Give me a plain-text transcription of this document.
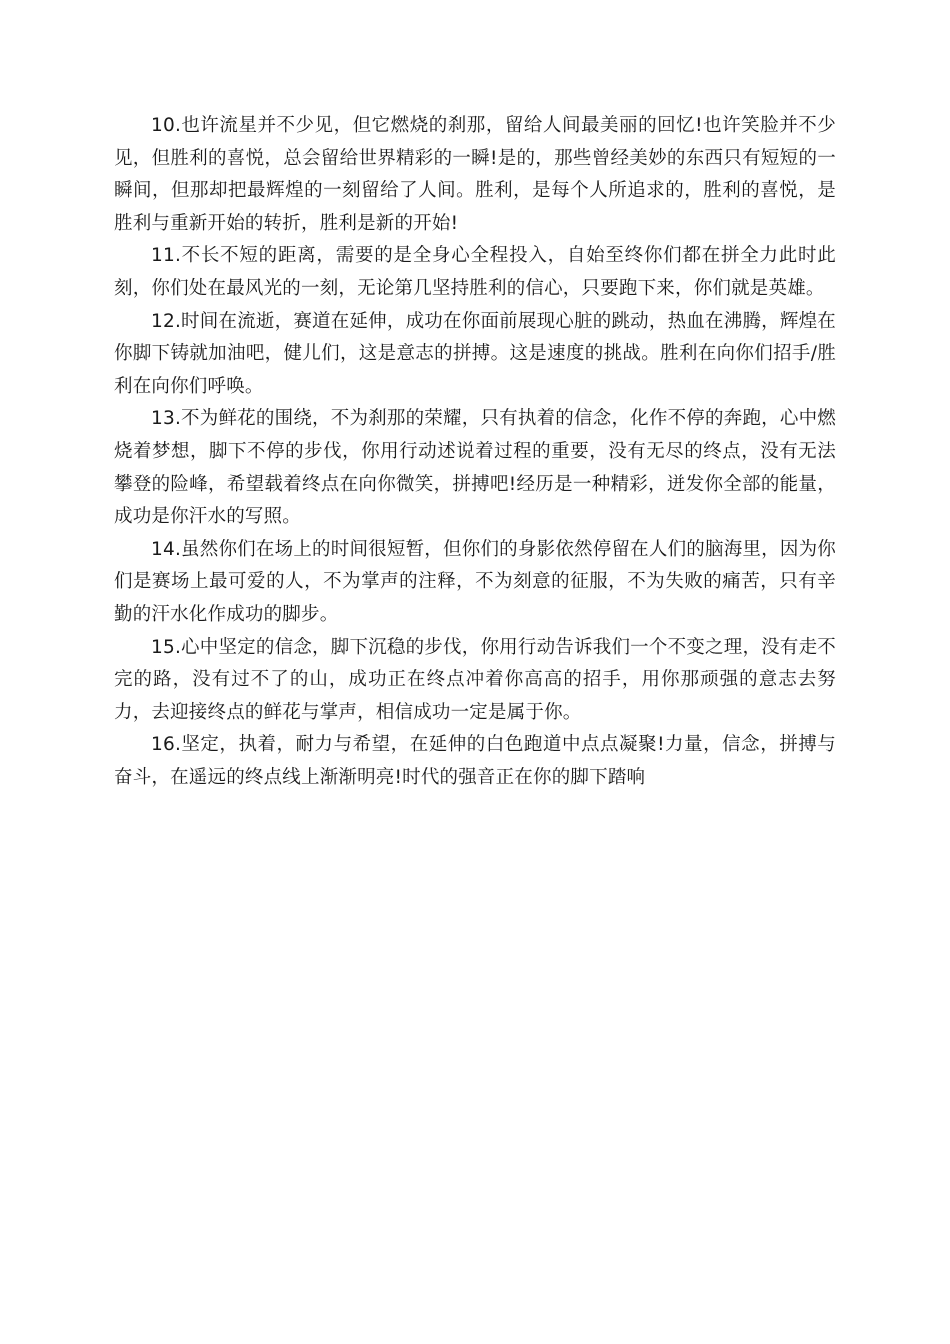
10.也许流星并不少见，但它燃烧的刹那，留给人间最美丽的回忆!也许笑脸并不少见，但胜利的喜悦，总会留给世界精彩的一瞬!是的，那些曾经美妙的东西只有短短的一瞬间，但那却把最辉煌的一刻留给了人间。胜利，是每个人所追求的，胜利的喜悦，是胜利与重新开始的转折，胜利是新的开始!

11.不长不短的距离，需要的是全身心全程投入，自始至终你们都在拼全力此时此刻，你们处在最风光的一刻，无论第几坚持胜利的信心，只要跑下来，你们就是英雄。

12.时间在流逝，赛道在延伸，成功在你面前展现心脏的跳动，热血在沸腾，辉煌在你脚下铸就加油吧，健儿们，这是意志的拼搏。这是速度的挑战。胜利在向你们招手/胜利在向你们呼唤。

13.不为鲜花的围绕，不为刹那的荣耀，只有执着的信念，化作不停的奔跑，心中燃烧着梦想，脚下不停的步伐，你用行动述说着过程的重要，没有无尽的终点，没有无法攀登的险峰，希望载着终点在向你微笑，拼搏吧!经历是一种精彩，迸发你全部的能量，成功是你汗水的写照。

14.虽然你们在场上的时间很短暂，但你们的身影依然停留在人们的脑海里，因为你们是赛场上最可爱的人，不为掌声的注释，不为刻意的征服，不为失败的痛苦，只有辛勤的汗水化作成功的脚步。

15.心中坚定的信念，脚下沉稳的步伐，你用行动告诉我们一个不变之理，没有走不完的路，没有过不了的山，成功正在终点冲着你高高的招手，用你那顽强的意志去努力，去迎接终点的鲜花与掌声，相信成功一定是属于你。

16.坚定，执着，耐力与希望，在延伸的白色跑道中点点凝聚!力量，信念，拼搏与奋斗，在遥远的终点线上渐渐明亮!时代的强音正在你的脚下踏响
